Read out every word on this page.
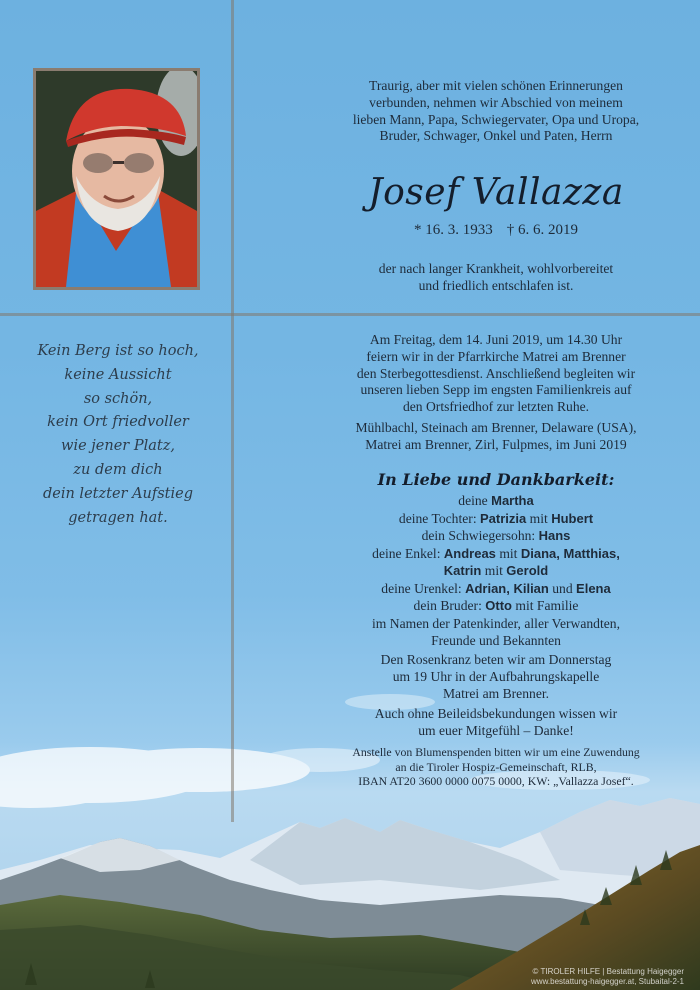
Kein Berg ist so hoch,
keine Aussicht
so schön,
kein Ort friedvoller
wie jener Platz,
zu dem dich
dein letzter Aufstieg
getragen hat.
Traurig, aber mit vielen schönen Erinnerungen
verbunden, nehmen wir Abschied von meinem
lieben Mann, Papa, Schwiegervater, Opa und Uropa,
Bruder, Schwager, Onkel und Paten, Herrn
Josef Vallazza
* 16. 3. 1933 † 6. 6. 2019
der nach langer Krankheit, wohlvorbereitet
und friedlich entschlafen ist.
Am Freitag, dem 14. Juni 2019, um 14.30 Uhr
feiern wir in der Pfarrkirche Matrei am Brenner
den Sterbegottesdienst. Anschließend begleiten wir
unseren lieben Sepp im engsten Familienkreis auf
den Ortsfriedhof zur letzten Ruhe.
Mühlbachl, Steinach am Brenner, Delaware (USA),
Matrei am Brenner, Zirl, Fulpmes, im Juni 2019
In Liebe und Dankbarkeit:
deine Martha
deine Tochter: Patrizia mit Hubert
dein Schwiegersohn: Hans
deine Enkel: Andreas mit Diana, Matthias,
Katrin mit Gerold
deine Urenkel: Adrian, Kilian und Elena
dein Bruder: Otto mit Familie
im Namen der Patenkinder, aller Verwandten,
Freunde und Bekannten
Den Rosenkranz beten wir am Donnerstag
um 19 Uhr in der Aufbahrungskapelle
Matrei am Brenner.
Auch ohne Beileidsbekundungen wissen wir
um euer Mitgefühl – Danke!
Anstelle von Blumenspenden bitten wir um eine Zuwendung
an die Tiroler Hospiz-Gemeinschaft, RLB,
IBAN AT20 3600 0000 0075 0000, KW: „Vallazza Josef“.
© TIROLER HILFE | Bestattung Haigegger
www.bestattung-haigegger.at, Stubaital-2-1
